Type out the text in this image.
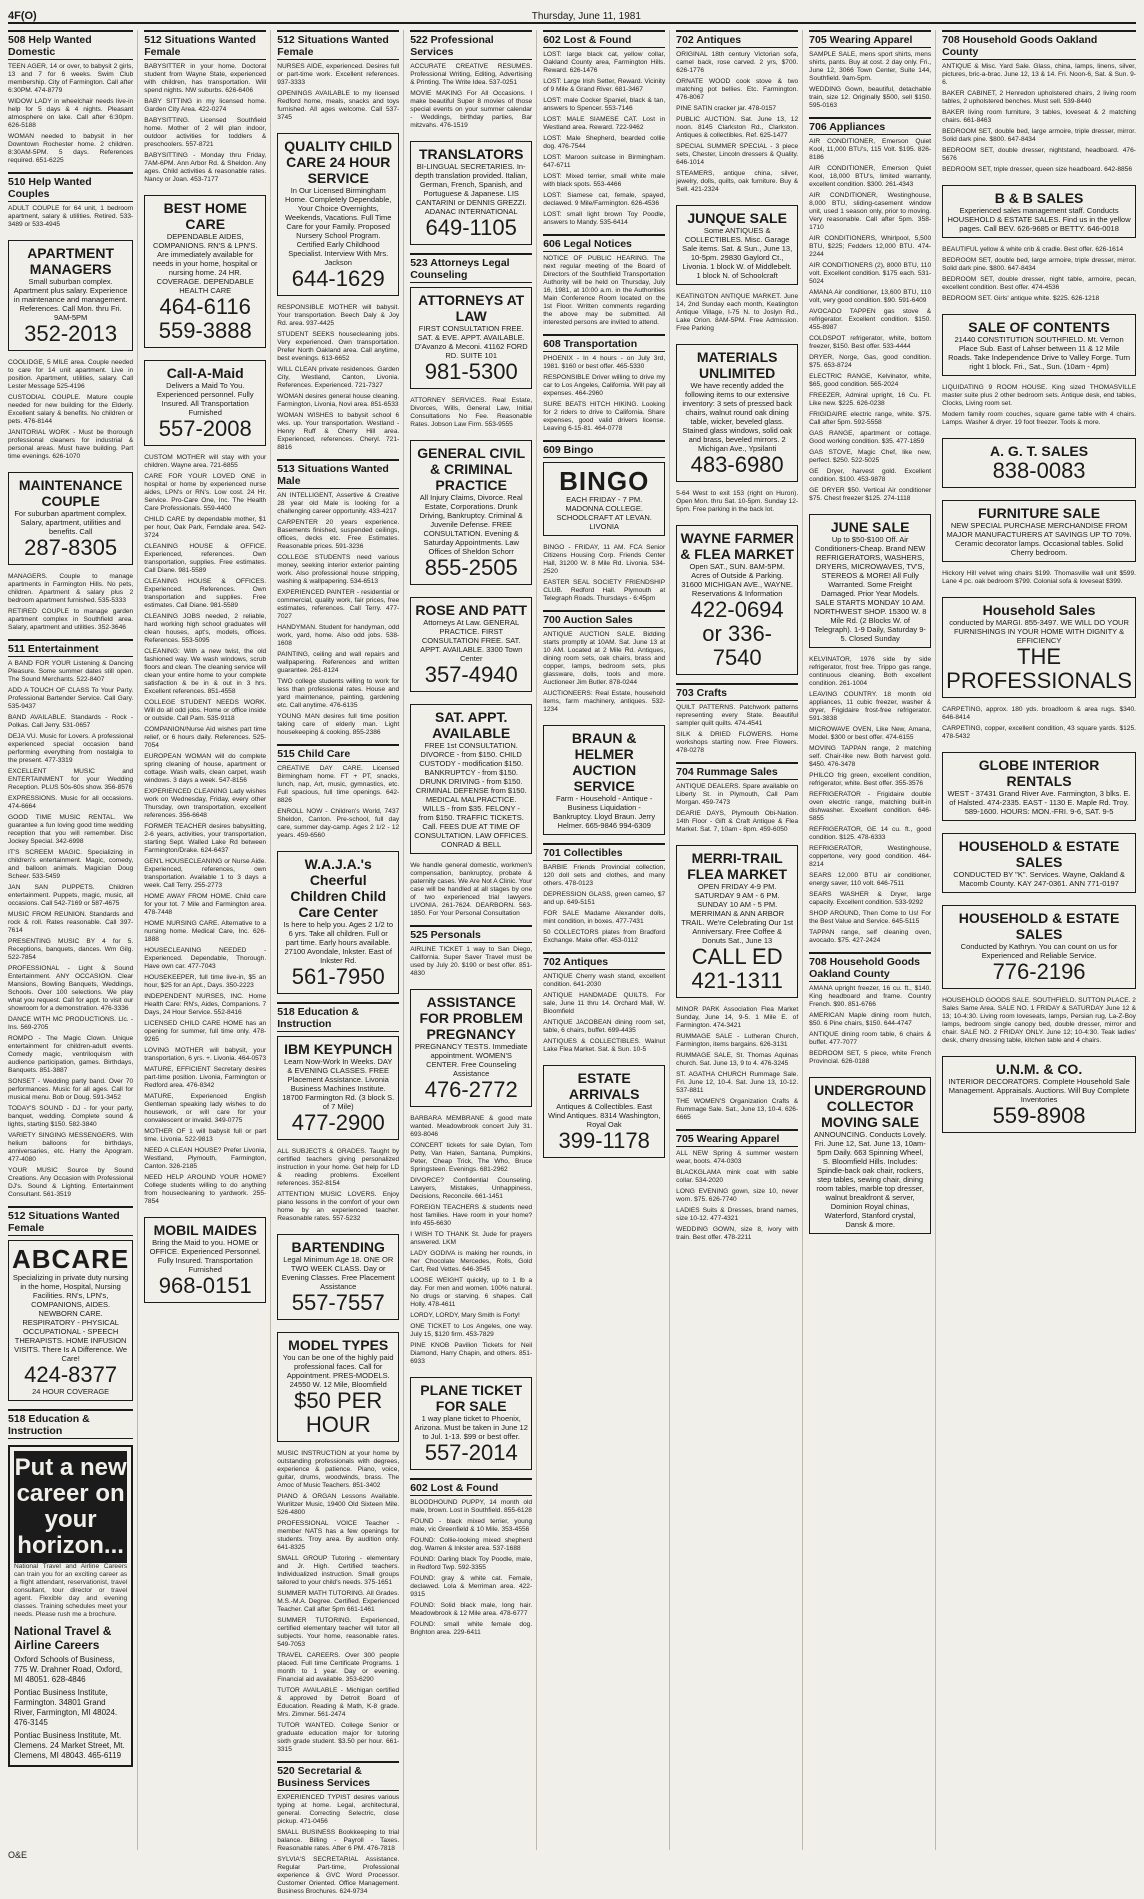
4F(O)	Thursday, June 11, 1981
508 Help Wanted Domestic
TEEN AGER, 14 or over, to babysit 2 girls, 13 and 7 for 6 weeks. Swim Club membership. City of Farmington. Call after 6:30PM. 474-8779
WIDOW LADY in wheelchair needs live-in help for 5 days & 4 nights. Pleasant atmosphere on lake. Call after 6:30pm. 626-5188
WOMAN needed to babysit in her Downtown Rochester home. 2 children. 8:30AM-5PM. 5 days. References required. 651-6225
510 Help Wanted Couples
ADULT COUPLE for 64 unit, 1 bedroom apartment, salary & utilities. Retired. 533-3489 or 533-4945
APARTMENT MANAGERS
Small suburban complex. Apartment plus salary. Experience in maintenance and management. References. Call Mon. thru Fri. 9AM-5PM
352-2013
COOLIDGE, 5 MILE area. Couple needed to care for 14 unit apartment. Live in position. Apartment, utilities, salary. Call Lester Message 525-4196
CUSTODIAL COUPLE. Mature couple needed for new building for the Elderly. Excellent salary & benefits. No children or pets. 476-8144
JANITORIAL WORK - Must be thorough professional cleaners for industrial & personal areas. Must have building. Part time evenings. 626-1070
MAINTENANCE COUPLE
For suburban apartment complex. Salary, apartment, utilities and benefits. Call
287-8305
MANAGERS. Couple to manage apartments in Farmington Hills. No pets, children. Apartment & salary plus 2 bedroom apartment furnished. 535-5333
RETIRED COUPLE to manage garden apartment complex in Southfield area. Salary, apartment and utilities. 352-3646
511 Entertainment
A BAND FOR YOUR Listening & Dancing Pleasure. Some summer dates still open. The Sound Merchants. 522-8407
ADD A TOUCH OF CLASS To Your Party. Professional Bartender Service. Call Gary. 535-9437
BAND AVAILABLE. Standards - Rock - Polkas. Call Jerry. 531-0657
DEJA VU. Music for Lovers. A professional experienced special occasion band performing everything from nostalgia to the present. 477-3319
EXCELLENT MUSIC and ENTERTAINMENT for your Wedding Reception. PLUS 50s-60s show. 356-8576
EXPRESSIONS. Music for all occasions. 474-6664
GOOD TIME MUSIC RENTAL. We guarantee a fun loving good time wedding reception that you will remember. Disc Jockey Special. 342-6998
IT'S SCREEM MAGIC. Specializing in children's entertainment. Magic, comedy, and balloon animals. Magician Doug Scheer. 533-5459
JAN SAN PUPPETS. Children entertainment. Puppets, magic, music, all occasions. Call 542-7169 or 587-4675
MUSIC FROM REUNION. Standards and rock & roll. Rates reasonable. Call 397-7614
PRESENTING MUSIC BY 4 for 5. Receptions, banquets, dances. Wm Gilg. 522-7854
PROFESSIONAL - Light & Sound Entertainment. ANY OCCASION. Clear Mansions, Bowling Banquets, Weddings, Schools. Over 100 selections. We play what you request. Call for appt. to visit our showroom for a demonstration. 476-3336
DANCE WITH MC PRODUCTIONS. Llc. - Ins. 569-2705
ROMPO - The Magic Clown. Unique entertainment for children-adult events. Comedy magic, ventriloquism with audience participation, games. Birthdays, Banquets. 851-3887
SONSET - Wedding party band. Over 70 performances. Music for all ages. Call for musical menu. Bob or Doug. 591-3452
TODAY'S SOUND - DJ - for your party, banquet, wedding. Complete sound & lights, starting $150. 582-3840
VARIETY SINGING MESSENGERS. With helium balloons for birthdays, anniversaries, etc. Harry the Apogram. 477-4080
YOUR MUSIC Source by Sound Creations. Any Occasion with Professional DJ's. Sound & Lighting. Entertainment Consultant. 561-3519
512 Situations Wanted Female
ABCARE
Specializing in private duty nursing in the home, Hospital, Nursing Facilities. RN's, LPN's, COMPANIONS, AIDES. NEWBORN CARE. RESPIRATORY - PHYSICAL OCCUPATIONAL - SPEECH THERAPISTS. HOME INFUSION VISITS. There Is A Difference. We Care!
424-8377
24 HOUR COVERAGE
518 Education & Instruction
Put a new career on your horizon...
National Travel and Airline Careers can train you for an exciting career as a flight attendant, reservationist, travel consultant, tour director or travel agent. Flexible day and evening classes. Training schedules meet your needs. Please rush me a brochure.
National Travel & Airline Careers
Oxford Schools of Business, 775 W. Drahner Road, Oxford, MI 48051. 628-4846
Pontiac Business Institute, Farmington. 34801 Grand River, Farmington, MI 48024. 476-3145
Pontiac Business Institute, Mt. Clemens. 24 Market Street, Mt. Clemens, MI 48043. 465-6119
512 Situations Wanted Female
BABYSITTER in your home. Doctoral student from Wayne State, experienced with children, has transportation. Will spend nights. NW suburbs. 626-6406
BABY SITTING in my licensed home. Garden City Area. 422-0274
BABYSITTING. Licensed Southfield home. Mother of 2 will plan indoor, outdoor activities for toddlers & preschoolers. 557-8721
BABYSITTING - Monday thru Friday, 7AM-6PM. Ann Arbor Rd. & Sheldon. Any ages. Child activities & reasonable rates. Nancy or Joan. 453-7177
BEST HOME CARE
DEPENDABLE AIDES, COMPANIONS. RN'S & LPN'S. Are immediately available for needs in your home, hospital or nursing home. 24 HR. COVERAGE. DEPENDABLE HEALTH CARE
464-6116 559-3888
Call-A-Maid
Delivers a Maid To You. Experienced personnel. Fully Insured. All Transportation Furnished
557-2008
CUSTOM MOTHER will stay with your children. Wayne area. 721-6855
CARE FOR YOUR LOVED ONE in hospital or home by experienced nurse aides, LPN's or RN's. Low cost. 24 Hr. Service. Pro-Care One, Inc. The Health Care Professionals. 559-4400
CHILD CARE by dependable mother, $1 per hour, Oak Park, Ferndale area. 542-3724
CLEANING HOUSE & OFFICE. Experienced, references. Own transportation, supplies. Free estimates. Call Diane. 981-5589
CLEANING HOUSE & OFFICES. Experienced. References. Own transportation and supplies. Free estimates. Call Diane. 981-5589
CLEANING JOBS needed, 2 reliable, hard working high school graduates will clean houses, apt's, models, offices. References. 553-5095
CLEANING: With a new twist, the old fashioned way. We wash windows, scrub floors and clean. The cleaning service will clean your entire home to your complete satisfaction & be in & out in 3 hrs. Excellent references. 851-4558
COLLEGE STUDENT NEEDS WORK. Will do all odd jobs. Home or office inside or outside. Call Pam. 535-9118
COMPANION/Nurse Aid wishes part time relief, or 6 hours daily. References. 525-7054
EUROPEAN WOMAN will do complete spring cleaning of house, apartment or cottage. Wash walls, clean carpet, wash windows. 3 days a week. 547-8156
EXPERIENCED CLEANING Lady wishes work on Wednesday, Friday, every other Thursday, own transportation, excellent references. 356-6648
FORMER TEACHER desires babysitting, 2-6 years, activities, your transportation, starting Sept. Walled Lake Rd between Farmington/Drake. 624-6437
GEN'L HOUSECLEANING or Nurse Aide. Experienced, references, own transportation. Available 1 to 3 days a week. Call Terry. 255-2773
HOME AWAY FROM HOME. Child care for your tot. 7 Mile and Farmington area. 478-7448
HOME NURSING CARE. Alternative to a nursing home. Medical Care, Inc. 626-1888
HOUSECLEANING NEEDED - Experienced. Dependable, Thorough. Have own car. 477-7043
HOUSEKEEPER, full time live-in, $5 an hour, $25 for an Apt., Days. 350-2223
INDEPENDENT NURSES, INC. Home Health Care: RN's, Aides, Companions. 7 Days, 24 Hour Service. 552-8416
LICENSED CHILD CARE HOME has an opening for summer, full time only. 478-9265
LOVING MOTHER will babysit, your transportation, 6 yrs. +. Livonia. 464-0573
MATURE, EFFICIENT Secretary desires part-time position. Livonia, Farmington or Redford area. 476-8342
MATURE, Experienced English Gentleman speaking lady wishes to do housework, or will care for your convalescent or invalid. 349-0775
MOTHER OF 1 will babysit full or part time. Livonia. 522-9813
NEED A CLEAN HOUSE? Prefer Livonia, Westland, Plymouth, Farmington, Canton. 326-2185
NEED HELP AROUND YOUR HOME? College students willing to do anything from housecleaning to yardwork. 255-7854
MOBIL MAIDES
Bring the Maid to you. HOME or OFFICE. Experienced Personnel. Fully Insured. Transportation Furnished
968-0151
512 Situations Wanted Female
NURSES AIDE, experienced. Desires full or part-time work. Excellent references. 937-3333
OPENINGS AVAILABLE to my licensed Redford home, meals, snacks and toys furnished. All ages welcome. Call 537-3745
QUALITY CHILD CARE 24 HOUR SERVICE
In Our Licensed Birmingham Home. Completely Dependable, Your Choice Overnights, Weekends, Vacations. Full Time Care for your Family. Proposed Nursery School Program. Certified Early Childhood Specialist. Interview With Mrs. Jackson
644-1629
RESPONSIBLE MOTHER will babysit. Your transportation. Beech Daly & Joy Rd. area. 937-4425
STUDENT SEEKS housecleaning jobs. Very experienced. Own transportation. Prefer North Oakland area. Call anytime, best evenings. 613-6652
WILL CLEAN private residences. Garden City, Westland, Canton, Livonia. References. Experienced. 721-7327
WOMAN desires general house cleaning. Farmington, Livonia, Novi area. 851-6533
WOMAN WISHES to babysit school 6 wks. up. Your transportation. Westland - Henry Ruff & Cherry Hill area. Experienced, references. Cheryl. 721-8816
513 Situations Wanted Male
AN INTELLIGENT, Assertive & Creative 28 year old Male is looking for a challenging career opportunity. 433-4217
CARPENTER 20 years experience. Basements finished, suspended ceilings, offices, decks etc. Free Estimates. Reasonable prices. 591-3236
COLLEGE STUDENTS need various money, seeking interior exterior painting work. Also professional house stripping, washing & wallpapering. 534-6513
EXPERIENCED PAINTER - residential or commercial, quality work, fair prices, free estimates, references. Call Terry. 477-7027
HANDYMAN. Student for handyman, odd work, yard, home. Also odd jobs. 538-1608
PAINTING, ceiling and wall repairs and wallpapering. References and written guarantee. 261-8124
TWO college students willing to work for less than professional rates. House and yard maintenance, painting, gardening etc. Call anytime. 476-6135
YOUNG MAN desires full time position taking care of elderly man. Light housekeeping & cooking. 855-2386
515 Child Care
CREATIVE DAY CARE. Licensed Birmingham home. FT + PT, snacks, lunch, nap, Art, music, gymnastics, etc. Full spacious, full time openings. 642-8826
ENROLL NOW - Children's World, 7437 Sheldon, Canton. Pre-school, full day care, summer day-camp. Ages 2 1/2 - 12 years. 459-6560
W.A.J.A.'s Cheerful Children Child Care Center
Is here to help you. Ages 2 1/2 to 6 yrs. Take all children. Full or part time. Early hours available. 27100 Avondale, Inkster. East of Inkster Rd.
561-7950
518 Education & Instruction
IBM KEYPUNCH
Learn Now-Work In Weeks. DAY & EVENING CLASSES. FREE Placement Assistance. Livonia Business Machines Institute. 18700 Farmington Rd. (3 block S. of 7 Mile)
477-2900
ALL SUBJECTS & GRADES. Taught by certified teachers giving personalized instruction in your home. Get help for LD & reading problems. Excellent references. 352-8154
ATTENTION MUSIC LOVERS. Enjoy piano lessons in the comfort of your own home by an experienced teacher. Reasonable rates. 557-5232
BARTENDING
Legal Minimum Age 18. ONE OR TWO WEEK CLASS. Day or Evening Classes. Free Placement Assistance
557-7557
MODEL TYPES
You can be one of the highly paid professional faces. Call for Appointment. PRES-MODELS. 24550 W. 12 Mile, Bloomfield
$50 PER HOUR
MUSIC INSTRUCTION at your home by outstanding professionals with degrees, experience & patience. Piano, voice, guitar, drums, woodwinds, brass. The Amoc of Music Teachers. 851-3402
PIANO & ORGAN Lessons Available. Wurlitzer Music, 19400 Old Sixteen Mile. 526-4800
PROFESSIONAL VOICE Teacher - member NATS has a few openings for students. Troy area. By audition only. 641-8325
SMALL GROUP Tutoring - elementary and Jr. High. Certified teachers. Individualized instruction. Small groups tailored to your child's needs. 375-1651
SUMMER MATH TUTORING. All Grades. M.S.-M.A. Degree. Certified. Experienced Teacher. Call after 5pm 661-1461
SUMMER TUTORING. Experienced, certified elementary teacher will tutor all subjects. Your home, reasonable rates. 549-7053
TRAVEL CAREERS. Over 300 people placed. Full time Certificate Programs. 1 month to 1 year. Day or evening. Financial aid available. 353-6290
TUTOR AVAILABLE - Michigan certified & approved by Detroit Board of Education. Reading & Math, K-8 grade. Mrs. Zimmer. 561-2474
TUTOR WANTED. College Senior or graduate education major for tutoring sixth grade student. $3.50 per hour. 661-3315
520 Secretarial & Business Services
EXPERIENCED TYPIST desires various typing at home. Legal, architectural, general. Correcting Selectric, close pickup. 471-0456
SMALL BUSINESS Bookkeeping to trial balance. Billing - Payroll - Taxes. Reasonable rates. After 6 PM. 476-7818
SYLVIA'S SECRETARIAL Assistance. Regular Part-time, Professional experience & GVC Word Processor. Customer Oriented. Office Management. Business Brochures. 624-9734
522 Professional Services
ACCURATE CREATIVE RESUMES. Professional Writing, Editing, Advertising & Printing. The Write Idea. 537-0251
MOVIE MAKING For All Occasions. I make beautiful Super 8 movies of those special events on your summer calendar - Weddings, birthday parties, Bar mitzvahs. 476-1519
TRANSLATORS
BI-LINGUAL SECRETARIES. In-depth translation provided. Italian, German, French, Spanish, and Portuguese & Japanese. LIS CANTARINI or DENNIS GREZZI. ADANAC INTERNATIONAL
649-1105
523 Attorneys Legal Counseling
ATTORNEYS AT LAW
FIRST CONSULTATION FREE. SAT. & EVE. APPT. AVAILABLE. D'Avanzo & Meconi. 41162 FORD RD. SUITE 101
981-5300
ATTORNEY SERVICES. Real Estate, Divorces, Wills, General Law, Initial Consultations No Fee. Reasonable Rates. Jobson Law Firm. 553-9555
GENERAL CIVIL & CRIMINAL PRACTICE
All Injury Claims, Divorce. Real Estate, Corporations. Drunk Driving, Bankruptcy. Criminal & Juvenile Defense. FREE CONSULTATION. Evening & Saturday Appointments. Law Offices of Sheldon Schorr
855-2505
ROSE AND PATT
Attorneys At Law. GENERAL PRACTICE. FIRST CONSULTATION FREE. SAT. APPT. AVAILABLE. 3300 Town Center
357-4940
SAT. APPT. AVAILABLE
FREE 1st CONSULTATION. DIVORCE - from $150. CHILD CUSTODY - modification $150. BANKRUPTCY - from $150. DRUNK DRIVING - from $150. CRIMINAL DEFENSE from $150. MEDICAL MALPRACTICE. WILLS - from $35. FELONY - from $150. TRAFFIC TICKETS. Call. FEES DUE AT TIME OF CONSULTATION. LAW OFFICES. CONRAD & BELL
We handle general domestic, workmen's compensation, bankruptcy, probate & paternity cases. We Are Not A Clinic. Your case will be handled at all stages by one of two experienced trial lawyers. LIVONIA. 261-7624. DEARBORN. 563-1850. For Your Personal Consultation
525 Personals
AIRLINE TICKET 1 way to San Diego, California. Super Saver Travel must be used by July 20. $190 or best offer. 851-4830
ASSISTANCE FOR PROBLEM PREGNANCY
PREGNANCY TESTS. Immediate appointment. WOMEN'S CENTER. Free Counseling Assistance
476-2772
BARBARA MEMBRANE & good mate wanted. Meadowbrook concert July 31. 693-8046
CONCERT tickets for sale Dylan, Tom Petty, Van Halen, Santana, Pumpkins, Peter, Cheap Trick, The Who, Bruce Springsteen. Evenings. 681-2962
DIVORCE? Confidential Counseling. Lawyers, Mistakes, Unhappiness, Decisions, Reconcile. 661-1451
FOREIGN TEACHERS & students need host families. Have room in your home? Info 455-6630
I WISH TO THANK St. Jude for prayers answered. LKM
LADY GODIVA is making her rounds, in her Chocolate Mercedes, Rolls, Gold Cart, Red Vettes. 646-3545
LOOSE WEIGHT quickly, up to 1 lb a day. For men and women. 100% natural. No drugs or starving. 6 shapes. Call Holly. 478-4611
LORDY, LORDY, Mary Smith is Forty!
ONE TICKET to Los Angeles, one way. July 15, $120 firm. 453-7829
PINE KNOB Pavilion Tickets for Neil Diamond, Harry Chapin, and others. 851-6933
PLANE TICKET FOR SALE
1 way plane ticket to Phoenix, Arizona. Must be taken in June 12 to Jul. 1-13. $99 or best offer.
557-2014
602 Lost & Found
BLOODHOUND PUPPY, 14 month old male, brown. Lost in Southfield. 855-6128
FOUND - black mixed terrier, young male, vic Greenfield & 10 Mile. 353-4556
FOUND: Collie-looking mixed shepherd dog. Warren & Inkster area. 537-1688
FOUND: Darling black Toy Poodle, male, in Redford Twp. 592-3355
FOUND: gray & white cat. Female, declawed. Lola & Merriman area. 422-9315
FOUND: Solid black male, long hair. Meadowbrook & 12 Mile area. 478-6777
FOUND: small white female dog. Brighton area. 229-6411
602 Lost & Found
LOST: large black cat, yellow collar, Oakland County area, Farmington Hills. Reward. 626-1476
LOST: Large Irish Setter, Reward. Vicinity of 9 Mile & Grand River. 681-3467
LOST: male Cocker Spaniel, black & tan, answers to Spencer. 553-7146
LOST: MALE SIAMESE CAT. Lost in Westland area. Reward. 722-9462
LOST: Male Shepherd, bearded collie dog. 476-7544
LOST: Maroon suitcase in Birmingham. 647-6711
LOST: Mixed terrier, small white male with black spots. 553-4466
LOST: Siamese cat, female, spayed, declawed. 9 Mile/Farmington. 626-4536
LOST: small light brown Toy Poodle, answers to Mandy. 535-6414
606 Legal Notices
NOTICE OF PUBLIC HEARING. The next regular meeting of the Board of Directors of the Southfield Transportation Authority will be held on Thursday, July 16, 1981, at 10:00 a.m. in the Authorities Main Conference Room located on the 1st Floor. Written comments regarding the above may be submitted. All interested persons are invited to attend.
608 Transportation
PHOENIX - In 4 hours - on July 3rd, 1981. $160 or best offer. 465-5330
RESPONSIBLE Driver willing to drive my car to Los Angeles, California. Will pay all expenses. 464-2960
SURE BEATS HITCH HIKING. Looking for 2 riders to drive to California. Share expenses, good valid drivers license. Leaving 6-15-81. 464-0778
609 Bingo
BINGO
EACH FRIDAY - 7 PM. MADONNA COLLEGE. SCHOOLCRAFT AT LEVAN. LIVONIA
BINGO - FRIDAY, 11 AM. FCA Senior Citizens Housing Corp. Friends Center Hall, 31200 W. 8 Mile Rd. Livonia. 534-2520
EASTER SEAL SOCIETY FRIENDSHIP CLUB. Redford Hall. Plymouth at Telegraph Roads. Thursdays - 6:45pm
700 Auction Sales
ANTIQUE AUCTION SALE. Bidding starts promptly at 10AM. Sat. June 13 at 10 AM. Located at 2 Mile Rd. Antiques, dining room sets, oak chairs, brass and copper, lamps, bedroom sets, plus glassware, dolls, tools and more. Auctioneer Jim Butler. 878-0244
AUCTIONEERS: Real Estate, household items, farm machinery, antiques. 532-1234
BRAUN & HELMER AUCTION SERVICE
Farm - Household - Antique - Business Liquidation - Bankruptcy. Lloyd Braun. Jerry Helmer. 665-9846 994-6309
701 Collectibles
BARBIE Friends Provincial collection, 120 doll sets and clothes, and many others. 478-0123
DEPRESSION GLASS, green cameo, $7 and up. 649-5151
FOR SALE Madame Alexander dolls, mint condition, in boxes. 477-7431
50 COLLECTORS plates from Bradford Exchange. Make offer. 453-0112
702 Antiques
ANTIQUE Cherry wash stand, excellent condition. 641-2030
ANTIQUE HANDMADE QUILTS. For sale, June 11 thru 14. Orchard Mall, W. Bloomfield
ANTIQUE JACOBEAN dining room set, table, 6 chairs, buffet. 699-4435
ANTIQUES & COLLECTIBLES. Walnut Lake Flea Market. Sat. & Sun. 10-5
ESTATE ARRIVALS
Antiques & Collectibles. East Wind Antiques. 8314 Washington, Royal Oak
399-1178
702 Antiques
ORIGINAL 18th century Victorian sofa, camel back, rose carved. 2 yrs, $700. 626-1776
ORNATE WOOD cook stove & two matching pot bellies. Etc. Farmington. 476-8067
PINE SATIN cracker jar. 478-0157
PUBLIC AUCTION. Sat. June 13, 12 noon. 8145 Clarkston Rd., Clarkston. Antiques & collectibles. Ref. 625-1477
SPECIAL SUMMER SPECIAL - 3 piece sets, Chester, Lincoln dressers & Quality. 646-1014
STEAMERS, antique china, silver, jewelry, dolls, quilts, oak furniture. Buy & Sell. 421-2324
JUNQUE SALE
Some ANTIQUES & COLLECTIBLES. Misc. Garage Sale items. Sat. & Sun., June 13, 10-5pm. 29830 Gaylord Ct., Livonia. 1 block W. of Middlebelt. 1 block N. of Schoolcraft
KEATINGTON ANTIQUE MARKET. June 14, 2nd Sunday each month, Keatington Antique Village, I-75 N. to Joslyn Rd., Lake Orion. 8AM-5PM. Free Admission. Free Parking
MATERIALS UNLIMITED
We have recently added the following items to our extensive inventory: 3 sets of pressed back chairs, walnut round oak dining table, wicker, beveled glass. Stained glass windows, solid oak and brass, beveled mirrors. 2 Michigan Ave., Ypsilanti
483-6980
5-64 West to exit 153 (right on Huron). Open Mon. thru Sat. 10-5pm. Sunday 12-5pm. Free parking in the back lot.
WAYNE FARMER & FLEA MARKET
Open SAT., SUN. 8AM-5PM. Acres of Outside & Parking. 31600 MICHIGAN AVE., WAYNE. Reservations & Information
422-0694 or 336-7540
703 Crafts
QUILT PATTERNS. Patchwork patterns representing every State. Beautiful sampler quilt quilts. 474-4541
SILK & DRIED FLOWERS. Home workshops starting now. Free Flowers. 478-0278
704 Rummage Sales
ANTIQUE DEALERS. Spare available on Liberty St. in Plymouth, Call Pam Morgan. 459-7473
DEARIE DAYS, Plymouth Obi-Nation. 14th Floor - Gift & Craft Antique & Flea Market. Sat. 7, 10am - 8pm. 459-6050
MERRI-TRAIL FLEA MARKET
OPEN FRIDAY 4-9 PM. SATURDAY 9 AM - 6 PM. SUNDAY 10 AM - 5 PM. MERRIMAN & ANN ARBOR TRAIL. We're Celebrating Our 1st Anniversary. Free Coffee & Donuts Sat., June 13
CALL ED 421-1311
MINOR PARK Association Flea Market Sunday, June 14, 9-5. 1 Mile E. of Farmington. 474-3421
RUMMAGE SALE - Lutheran Church, Farmington, items bargains. 626-3131
RUMMAGE SALE, St. Thomas Aquinas church. Sat. June 13, 9 to 4. 476-3245
ST. AGATHA CHURCH Rummage Sale. Fri. June 12, 10-4. Sat. June 13, 10-12. 537-8811
THE WOMEN'S Organization Crafts & Rummage Sale. Sat., June 13, 10-4. 626-6665
705 Wearing Apparel
ALL NEW Spring & summer western wear, boots. 474-0303
BLACKGLAMA mink coat with sable collar. 534-2020
LONG EVENING gown, size 10, never worn. $75. 626-7740
LADIES Suits & Dresses, brand names, size 10-12. 477-4321
WEDDING GOWN, size 8, ivory with train. Best offer. 478-2211
705 Wearing Apparel
SAMPLE SALE, mens sport shirts, mens shirts, pants. Buy at cost. 2 day only. Fri., June 12, 3066 Town Center, Suite 144, Southfield. 9am-5pm.
WEDDING Gown, beautiful, detachable train, size 12. Originally $500, sell $150. 595-0163
706 Appliances
AIR CONDITIONER, Emerson Quiet Kool, 11,000 BTU's, 115 Volt. $195. 826-8186
AIR CONDITIONER, Emerson Quiet Kool, 18,000 BTU's, limited warranty, excellent condition. $300. 261-4343
AIR CONDITIONER, Westinghouse, 8,000 BTU, sliding-casement window unit, used 1 season only, prior to moving. Very reasonable. Call after 5pm. 358-1710
AIR CONDITIONERS, Whirlpool, 5,500 BTU, $225; Fedders 12,000 BTU. 474-2244
AIR CONDITIONERS (2), 8000 BTU, 110 volt. Excellent condition. $175 each. 531-5024
AMANA Air conditioner, 13,600 BTU, 110 volt, very good condition. $90. 591-6409
AVOCADO TAPPEN gas stove & refrigerator. Excellent condition. $150. 455-8987
COLDSPOT refrigerator, white, bottom freezer, $150. Best offer. 533-4444
DRYER, Norge, Gas, good condition. $75. 653-8724
ELECTRIC RANGE, Kelvinator, white, $65, good condition. 565-2024
FREEZER, Admiral upright, 16 Cu. Ft. Like new. $225. 626-0238
FRIGIDAIRE electric range, white. $75. Call after 5pm. 592-5558
GAS RANGE, apartment or cottage. Good working condition. $35. 477-1859
GAS STOVE, Magic Chef, like new, perfect. $250. 522-5025
GE Dryer, harvest gold. Excellent condition. $100. 453-9878
GE DRYER $50. Vertical Air conditioner $75. Chest freezer $125. 274-1118
JUNE SALE
Up to $50-$100 Off. Air Conditioners-Cheap. Brand NEW REFRIGERATORS, WASHERS, DRYERS, MICROWAVES, TV'S, STEREOS & MORE! All Fully Warranted. Some Freight Damaged. Prior Year Models. SALE STARTS MONDAY 10 AM. NORTHWEST SHOP. 15300 W. 8 Mile Rd. (2 Blocks W. of Telegraph). 1-9 Daily, Saturday 9-5. Closed Sunday
KELVINATOR, 1976 side by side refrigerator, frost free. Trippo gas range, continuous cleaning. Both excellent condition. 261-1004
LEAVING COUNTRY. 18 month old appliances, 11 cubic freezer, washer & dryer, Frigidaire frost-free refrigerator. 591-3838
MICROWAVE OVEN, Like New, Amana, Model. $300 or best offer. 474-6155
MOVING TAPPAN range, 2 matching self. Chair-like new. Both harvest gold. $450. 476-3478
PHILCO frig green, excellent condition, refrigerator, white. Best offer. 355-3576
REFRIGERATOR - Frigidaire double oven electric range, matching built-in dishwasher. Excellent condition. 646-5855
REFRIGERATOR, GE 14 cu. ft., good condition. $125. 478-6333
REFRIGERATOR, Westinghouse, coppertone, very good condition. 464-8214
SEARS 12,000 BTU air conditioner, energy saver, 110 volt. 646-7511
SEARS WASHER & Dryer, large capacity. Excellent condition. 533-9292
SHOP AROUND, Then Come to Us! For the Best Value and Service. 645-5115
TAPPAN range, self cleaning oven, avocado. $75. 427-2424
708 Household Goods Oakland County
AMANA upright freezer, 16 cu. ft., $140. King headboard and frame. Country French. $90. 851-6766
AMERICAN Maple dining room hutch, $50. 6 Pine chairs, $150. 644-4747
ANTIQUE dining room table, 6 chairs & buffet. 477-7077
BEDROOM SET, 5 piece, white French Provincial. 626-0188
UNDERGROUND COLLECTOR MOVING SALE
ANNOUNCING. Conducts Lovely. Fri. June 12, Sat. June 13, 10am-5pm Daily. 663 Spinning Wheel, S. Bloomfield Hills. Includes: Spindle-back oak chair, rockers, step tables, sewing chair, dining room tables, marble top dresser, walnut breakfront & server, Dominion Royal chinas, Waterford, Stanford crystal, Dansk & more.
708 Household Goods Oakland County
ANTIQUE & Misc. Yard Sale. Glass, china, lamps, linens, silver, pictures, bric-a-brac. June 12, 13 & 14. Fri. Noon-6, Sat. & Sun. 9-6.
BAKER CABINET, 2 Henredon upholstered chairs, 2 living room tables, 2 upholstered benches. Must sell. 539-8440
BAKER living room furniture, 3 tables, loveseat & 2 matching chairs. 661-8463
BEDROOM SET, double bed, large armoire, triple dresser, mirror. Solid dark pine. $800. 647-8434
BEDROOM SET, double dresser, nightstand, headboard. 476-5676
BEDROOM SET, triple dresser, queen size headboard. 642-8856
B & B SALES
Experienced sales management staff. Conducts HOUSEHOLD & ESTATE SALES. Find us in the yellow pages. Call BEV. 626-9685 or BETTY. 646-0018
BEAUTIFUL yellow & white crib & cradle. Best offer. 626-1614
BEDROOM SET, double bed, large armoire, triple dresser, mirror. Solid dark pine. $800. 647-8434
BEDROOM SET, double dresser, night table, armoire, pecan, excellent condition. Best offer. 474-4536
BEDROOM SET. Girls' antique white. $225. 626-1218
SALE OF CONTENTS
21440 CONSTITUTION SOUTHFIELD. Mt. Vernon Place Sub. East of Lahser between 11 & 12 Mile Roads. Take Independence Drive to Valley Forge. Turn right 1 block. Fri., Sat., Sun. (10am - 4pm)
LIQUIDATING 9 ROOM HOUSE. King sized THOMASVILLE master suite plus 2 other bedroom sets. Antique desk, end tables, Clocks, Living room set.
Modern family room couches, square game table with 4 chairs. Lamps. Washer & dryer. 19 foot freezer. Tools & more.
A. G. T. SALES
838-0083
FURNITURE SALE
NEW SPECIAL PURCHASE MERCHANDISE FROM MAJOR MANUFACTURERS AT SAVINGS UP TO 70%. Ceramic decorator lamps. Occasional tables. Solid Cherry bedroom.
Hickory Hill velvet wing chairs $199. Thomasville wall unit $599. Lane 4 pc. oak bedroom $799. Colonial sofa & loveseat $399.
Household Sales
conducted by MARGI. 855-3497. WE WILL DO YOUR FURNISHINGS IN YOUR HOME WITH DIGNITY & EFFICIENCY
THE PROFESSIONALS
CARPETING, approx. 180 yds. broadloom & area rugs. $340. 646-8414
CARPETING, copper, excellent condition, 43 square yards. $125. 478-5432
GLOBE INTERIOR RENTALS
WEST - 37431 Grand River Ave. Farmington, 3 blks. E. of Halsted. 474-2335. EAST - 1130 E. Maple Rd. Troy. 589-1600. HOURS: MON.-FRI. 9-6, SAT. 9-5
HOUSEHOLD & ESTATE SALES
CONDUCTED BY "K". Services. Wayne, Oakland & Macomb County. KAY 247-0361. ANN 771-0197
HOUSEHOLD & ESTATE SALES
Conducted by Kathryn. You can count on us for Experienced and Reliable Service.
776-2196
HOUSEHOLD GOODS SALE. SOUTHFIELD. SUTTON PLACE. 2 Sales Same Area. SALE NO. 1 FRIDAY & SATURDAY June 12 & 13; 10-4:30. Living room loveseats, lamps, Persian rug, La-Z-Boy lamps, bedroom single canopy bed, double dresser, mirror and chair. SALE NO. 2 FRIDAY ONLY. June 12; 10-4:30. Teak ladies' desk, cherry dressing table, kitchen table and 4 chairs.
U.N.M. & CO.
INTERIOR DECORATORS. Complete Household Sale Management. Appraisals. Auctions. Will Buy Complete Inventories
559-8908
O&E
